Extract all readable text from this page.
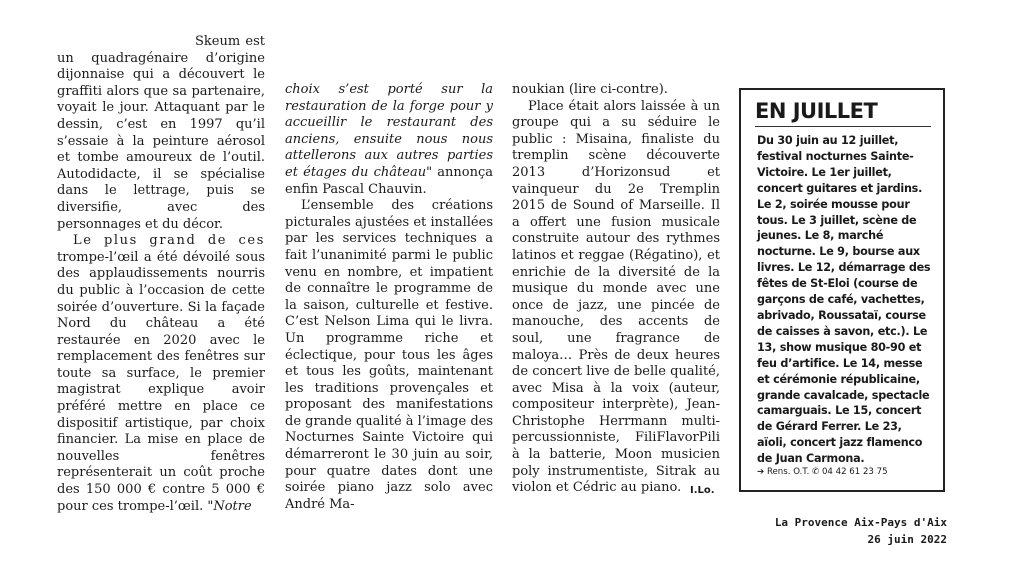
Skeum est un quadragénaire d’origine dijonnaise qui a découvert le graffiti alors que sa partenaire, voyait le jour. Attaquant par le dessin, c’est en 1997 qu’il s’essaie à la peinture aérosol et tombe amoureux de l’outil. Autodidacte, il se spécialise dans le lettrage, puis se diversifie, avec des personnages et du décor.

Le plus grand de ces trompe-l’œil a été dévoilé sous des applaudissements nourris du public à l’occasion de cette soirée d’ouverture. Si la façade Nord du château a été restaurée en 2020 avec le remplacement des fenêtres sur toute sa surface, le premier magistrat explique avoir préféré mettre en place ce dispositif artistique, par choix financier. La mise en place de nouvelles fenêtres représenterait un coût proche des 150 000 € contre 5 000 € pour ces trompe-l’œil. "Notre

choix s’est porté sur la restauration de la forge pour y accueillir le restaurant des anciens, ensuite nous nous attellerons aux autres parties et étages du château" annonça enfin Pascal Chauvin.

L’ensemble des créations picturales ajustées et installées par les services techniques a fait l’unanimité parmi le public venu en nombre, et impatient de connaître le programme de la saison, culturelle et festive. C’est Nelson Lima qui le livra. Un programme riche et éclectique, pour tous les âges et tous les goûts, maintenant les traditions provençales et proposant des manifestations de grande qualité à l’image des Nocturnes Sainte Victoire qui démarreront le 30 juin au soir, pour quatre dates dont une soirée piano jazz solo avec André Ma-

noukian (lire ci-contre).

Place était alors laissée à un groupe qui a su séduire le public : Misaina, finaliste du tremplin scène découverte 2013 d’Horizonsud et vainqueur du 2e Tremplin 2015 de Sound of Marseille. Il a offert une fusion musicale construite autour des rythmes latinos et reggae (Régatino), et enrichie de la diversité de la musique du monde avec une once de jazz, une pincée de manouche, des accents de soul, une fragrance de maloya… Près de deux heures de concert live de belle qualité, avec Misa à la voix (auteur, compositeur interprète), Jean-Christophe Herrmann multi-percussionniste, FiliFlavorPili à la batterie, Moon musicien poly instrumentiste, Sitrak au violon et Cédric au piano. I.Lo.
EN JUILLET

Du 30 juin au 12 juillet, festival nocturnes Sainte-Victoire. Le 1er juillet, concert guitares et jardins. Le 2, soirée mousse pour tous. Le 3 juillet, scène de jeunes. Le 8, marché nocturne. Le 9, bourse aux livres. Le 12, démarrage des fêtes de St-Eloi (course de garçons de café, vachettes, abrivado, Roussataï, course de caisses à savon, etc.). Le 13, show musique 80-90 et feu d’artifice. Le 14, messe et cérémonie républicaine, grande cavalcade, spectacle camarguais. Le 15, concert de Gérard Ferrer. Le 23, aïoli, concert jazz flamenco de Juan Carmona.

➔ Rens. O.T. ✆ 04 42 61 23 75
La Provence Aix-Pays d'Aix
26 juin 2022
